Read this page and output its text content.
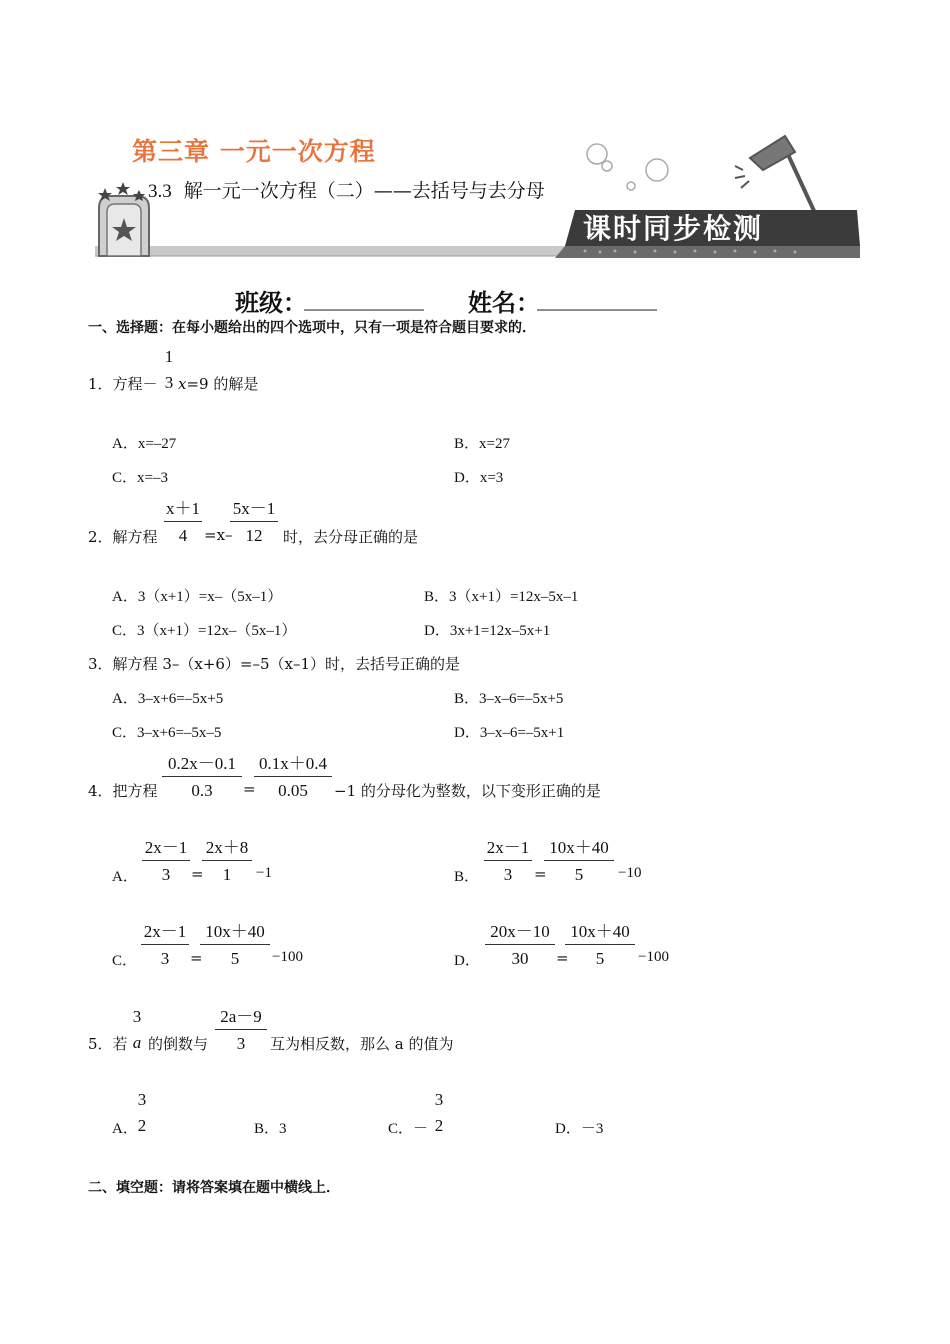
第三章 一元一次方程
3.3 解一元一次方程（二）——去括号与去分母
课时同步检测
班级：
__________ 姓名：
__________
一、选择题：在每小题给出的四个选项中，只有一项是符合题目要求的．
1．方程－
1
3 x=9 的解是
A．x=–27	B．x=27
C．x=–3	D．x=3
2．解方程
x＋1
4	=x–
5x－1
12	时，去分母正确的是
A．3（x+1）=x–（5x–1）	B．3（x+1）=12x–5x–1
C．3（x+1）=12x–（5x–1）	D．3x+1=12x–5x+1
3．解方程 3–（x+6）=–5（x–1）时，去括号正确的是
A．3–x+6=–5x+5	B．3–x–6=–5x+5
C．3–x+6=–5x–5	D．3–x–6=–5x+1
4．把方程
0.2x－0.1
0.3	=
0.1x＋0.4
0.05	−1 的分母化为整数，以下变形正确的是
A．
2x－1
3	=
2x＋8
1	−1	B．
2x－1
3	=
10x＋40
5	−10
C．
2x－1
3	=
10x＋40
5	−100	D．
20x－10
30	=
10x＋40
5	−100
5．若
3
a 的倒数与
2a－9
3	互为相反数，那么 a 的值为
A．
3
2	B．3	C．－
3
2	D．－3
二、填空题：请将答案填在题中横线上．
